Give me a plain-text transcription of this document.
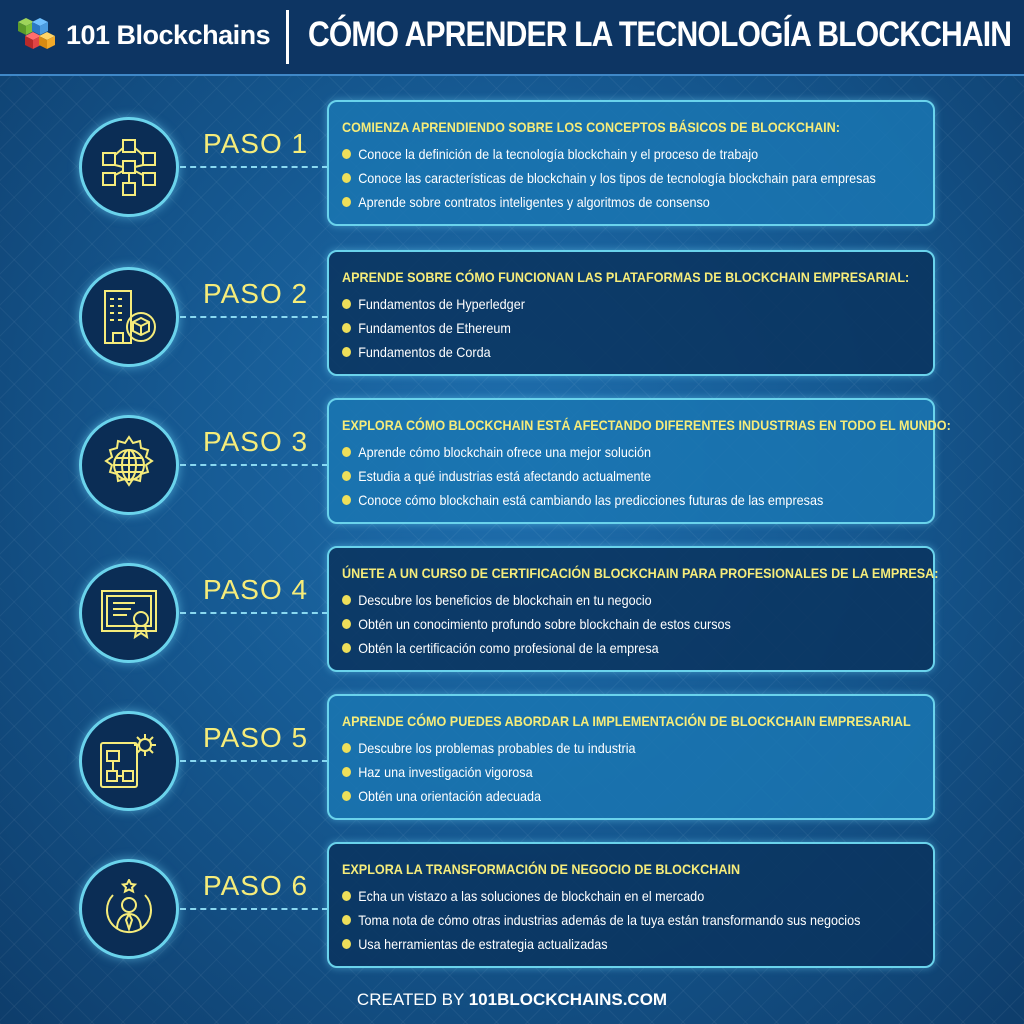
101 Blockchains CÓMO APRENDER LA TECNOLOGÍA BLOCKCHAIN
PASO 1
COMIENZA APRENDIENDO SOBRE LOS CONCEPTOS BÁSICOS DE BLOCKCHAIN:
Conoce la definición de la tecnología blockchain y el proceso de trabajo
Conoce las características de blockchain y los tipos de tecnología blockchain para empresas
Aprende sobre contratos inteligentes y algoritmos de consenso
PASO 2
APRENDE SOBRE CÓMO FUNCIONAN LAS PLATAFORMAS DE BLOCKCHAIN EMPRESARIAL:
Fundamentos de Hyperledger
Fundamentos de Ethereum
Fundamentos de Corda
PASO 3
EXPLORA CÓMO BLOCKCHAIN ESTÁ AFECTANDO DIFERENTES INDUSTRIAS EN TODO EL MUNDO:
Aprende cómo blockchain ofrece una mejor solución
Estudia a qué industrias está afectando actualmente
Conoce cómo blockchain está cambiando las predicciones futuras de las empresas
PASO 4
ÚNETE A UN CURSO DE CERTIFICACIÓN BLOCKCHAIN PARA PROFESIONALES DE LA EMPRESA:
Descubre los beneficios de blockchain en tu negocio
Obtén un conocimiento profundo sobre blockchain de estos cursos
Obtén la certificación como profesional de la empresa
PASO 5
APRENDE CÓMO PUEDES ABORDAR LA IMPLEMENTACIÓN DE BLOCKCHAIN EMPRESARIAL
Descubre los problemas probables de tu industria
Haz una investigación vigorosa
Obtén una orientación adecuada
PASO 6
EXPLORA LA TRANSFORMACIÓN DE NEGOCIO DE BLOCKCHAIN
Echa un vistazo a las soluciones de blockchain en el mercado
Toma nota de cómo otras industrias además de la tuya están transformando sus negocios
Usa herramientas de estrategia actualizadas
CREATED BY 101BLOCKCHAINS.COM
